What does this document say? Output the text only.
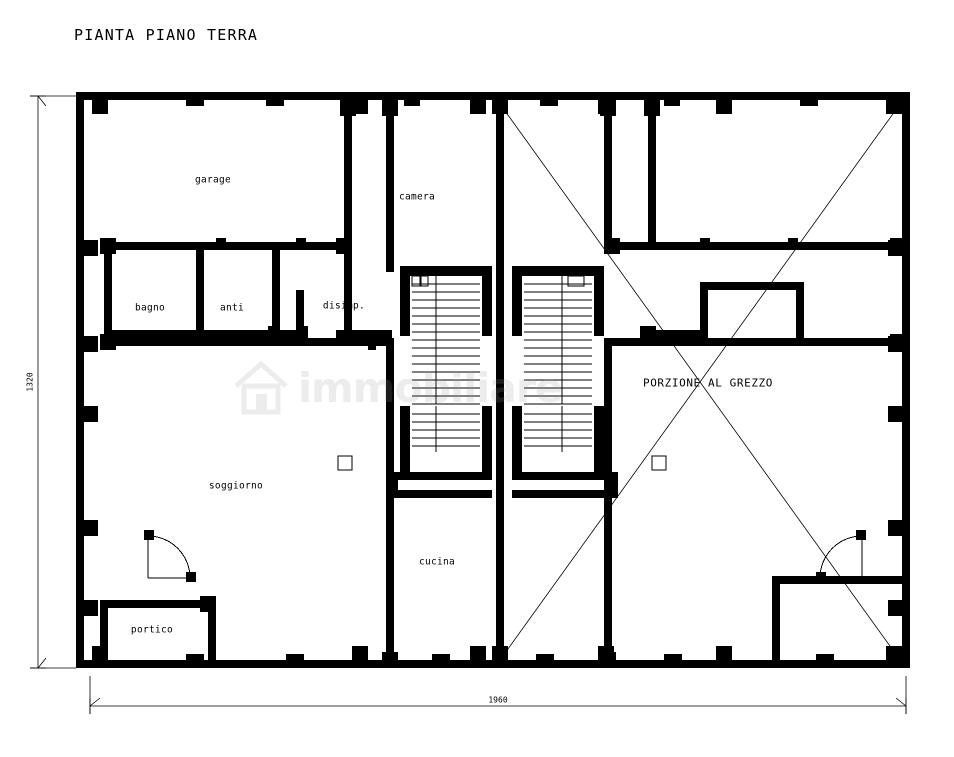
PIANTA PIANO TERRA
1320
1960
immobiliare
garage
camera
bagno	anti	disimp.
soggiorno
cucina
portico
PORZIONE AL GREZZO
